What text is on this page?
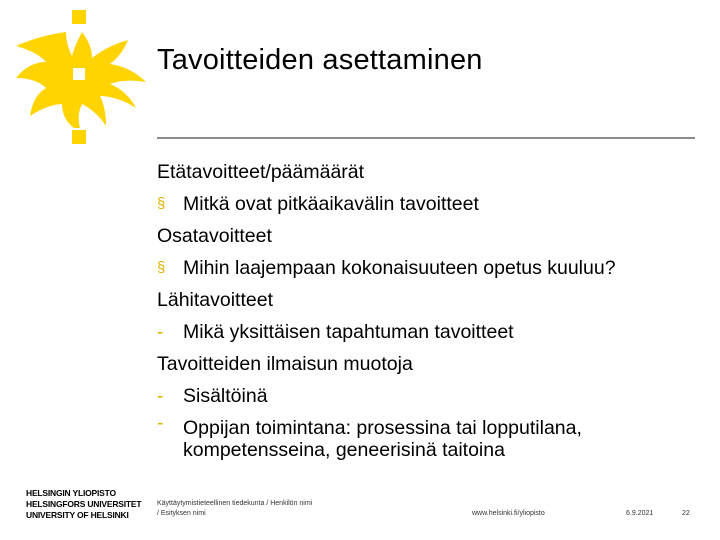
Tavoitteiden asettaminen
Etätavoitteet/päämäärät
§ Mitkä ovat pitkäaikavälin tavoitteet
Osatavoitteet
§ Mihin laajempaan kokonaisuuteen opetus kuuluu?
Lähitavoitteet
- Mikä yksittäisen tapahtuman tavoitteet
Tavoitteiden ilmaisun muotoja
- Sisältöinä
- Oppijan toimintana: prosessina tai lopputilana, kompetensseina, geneerisinä taitoina
HELSINGIN YLIOPISTO
HELSINGFORS UNIVERSITET
UNIVERSITY OF HELSINKI
Käyttäytymistieteellinen tiedekunta / Henkilön nimi
/ Esityksen nimi	www.helsinki.fi/yliopisto	6.9.2021	22
